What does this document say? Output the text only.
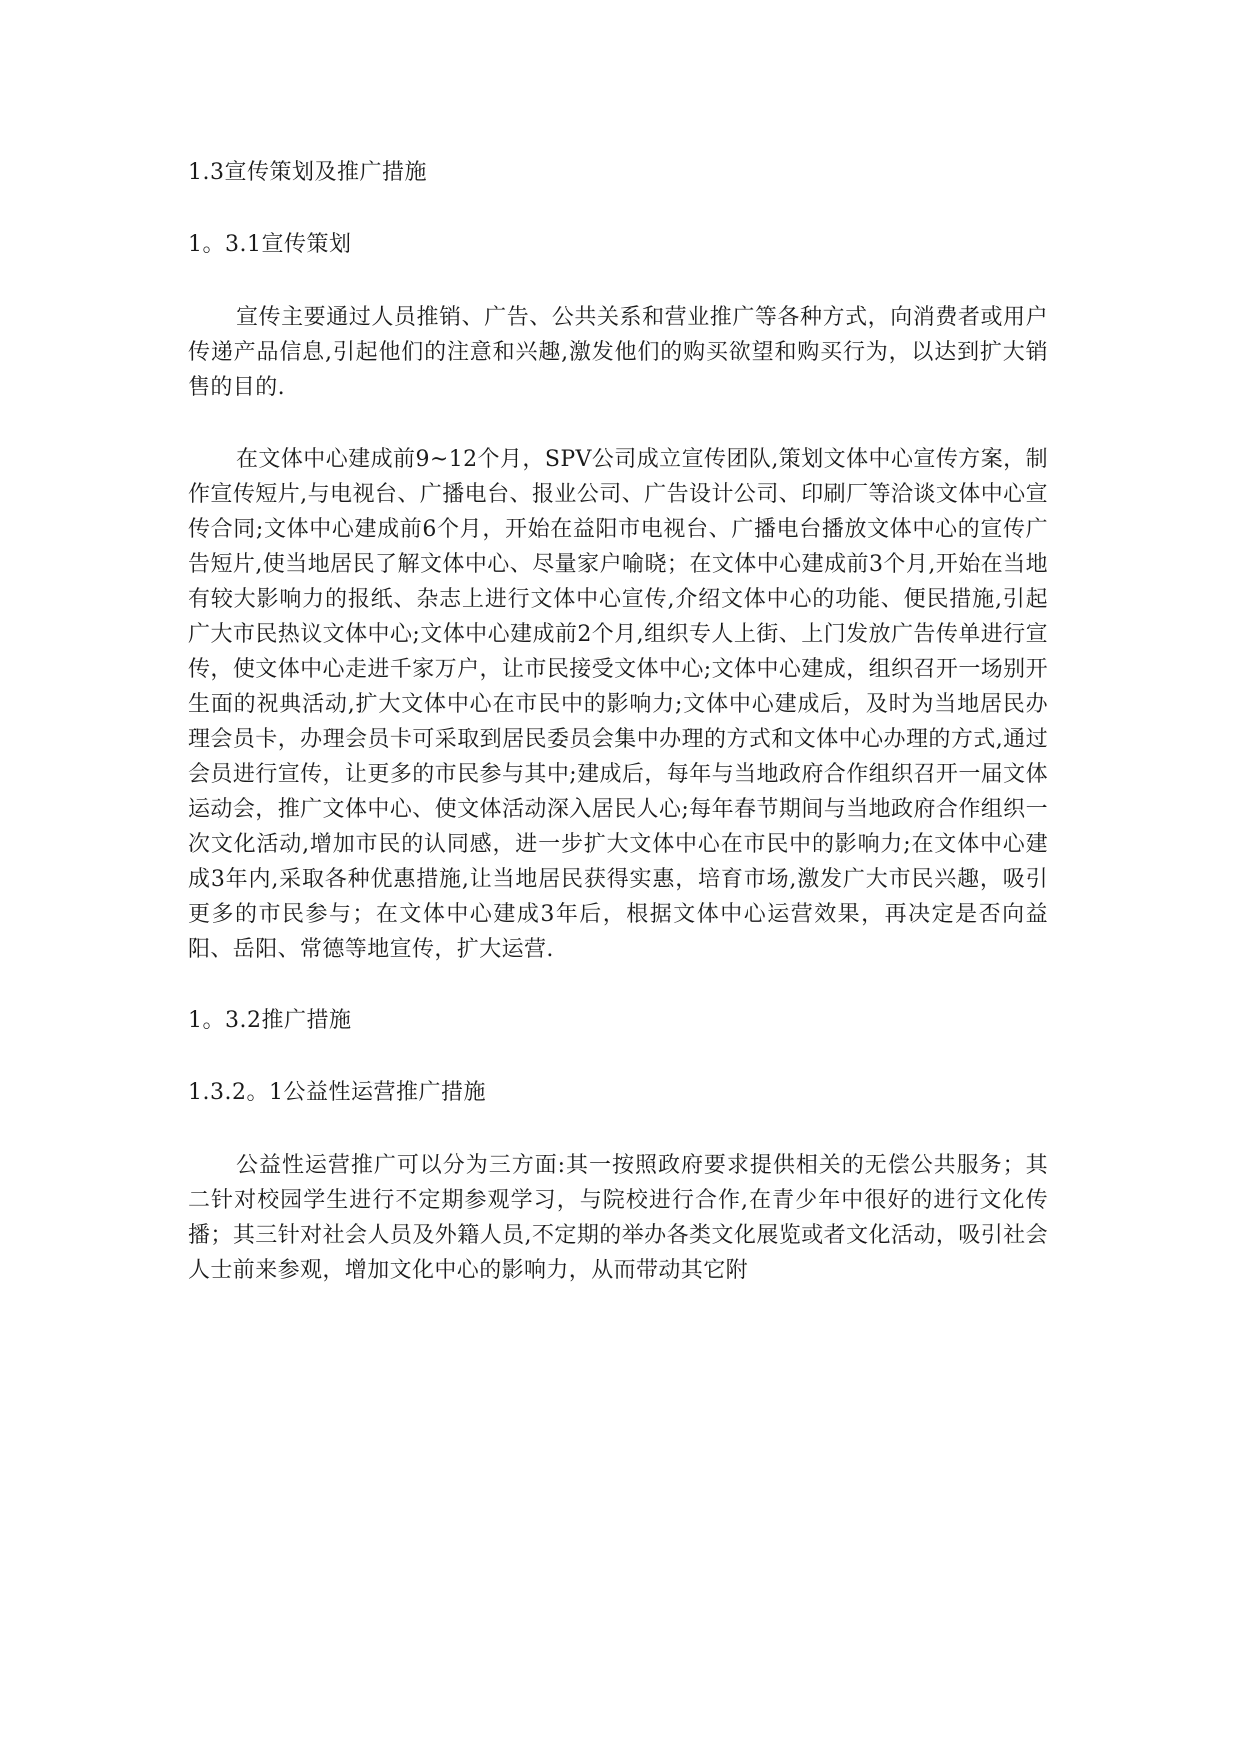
1.3宣传策划及推广措施
1。3.1宣传策划

宣传主要通过人员推销、广告、公共关系和营业推广等各种方式，向消费者或用户传递产品信息,引起他们的注意和兴趣,激发他们的购买欲望和购买行为，以达到扩大销售的目的.

在文体中心建成前9~12个月，SPV公司成立宣传团队,策划文体中心宣传方案，制作宣传短片,与电视台、广播电台、报业公司、广告设计公司、印刷厂等洽谈文体中心宣传合同;文体中心建成前6个月，开始在益阳市电视台、广播电台播放文体中心的宣传广告短片,使当地居民了解文体中心、尽量家户喻晓；在文体中心建成前3个月,开始在当地有较大影响力的报纸、杂志上进行文体中心宣传,介绍文体中心的功能、便民措施,引起广大市民热议文体中心;文体中心建成前2个月,组织专人上街、上门发放广告传单进行宣传，使文体中心走进千家万户，让市民接受文体中心;文体中心建成，组织召开一场别开生面的祝典活动,扩大文体中心在市民中的影响力;文体中心建成后，及时为当地居民办理会员卡，办理会员卡可采取到居民委员会集中办理的方式和文体中心办理的方式,通过会员进行宣传，让更多的市民参与其中;建成后，每年与当地政府合作组织召开一届文体运动会，推广文体中心、使文体活动深入居民人心;每年春节期间与当地政府合作组织一次文化活动,增加市民的认同感，进一步扩大文体中心在市民中的影响力;在文体中心建成3年内,采取各种优惠措施,让当地居民获得实惠，培育市场,激发广大市民兴趣，吸引更多的市民参与；在文体中心建成3年后，根据文体中心运营效果，再决定是否向益阳、岳阳、常德等地宣传，扩大运营.

1。3.2推广措施
1.3.2。1公益性运营推广措施

公益性运营推广可以分为三方面:其一按照政府要求提供相关的无偿公共服务；其二针对校园学生进行不定期参观学习，与院校进行合作,在青少年中很好的进行文化传播；其三针对社会人员及外籍人员,不定期的举办各类文化展览或者文化活动，吸引社会人士前来参观，增加文化中心的影响力，从而带动其它附
